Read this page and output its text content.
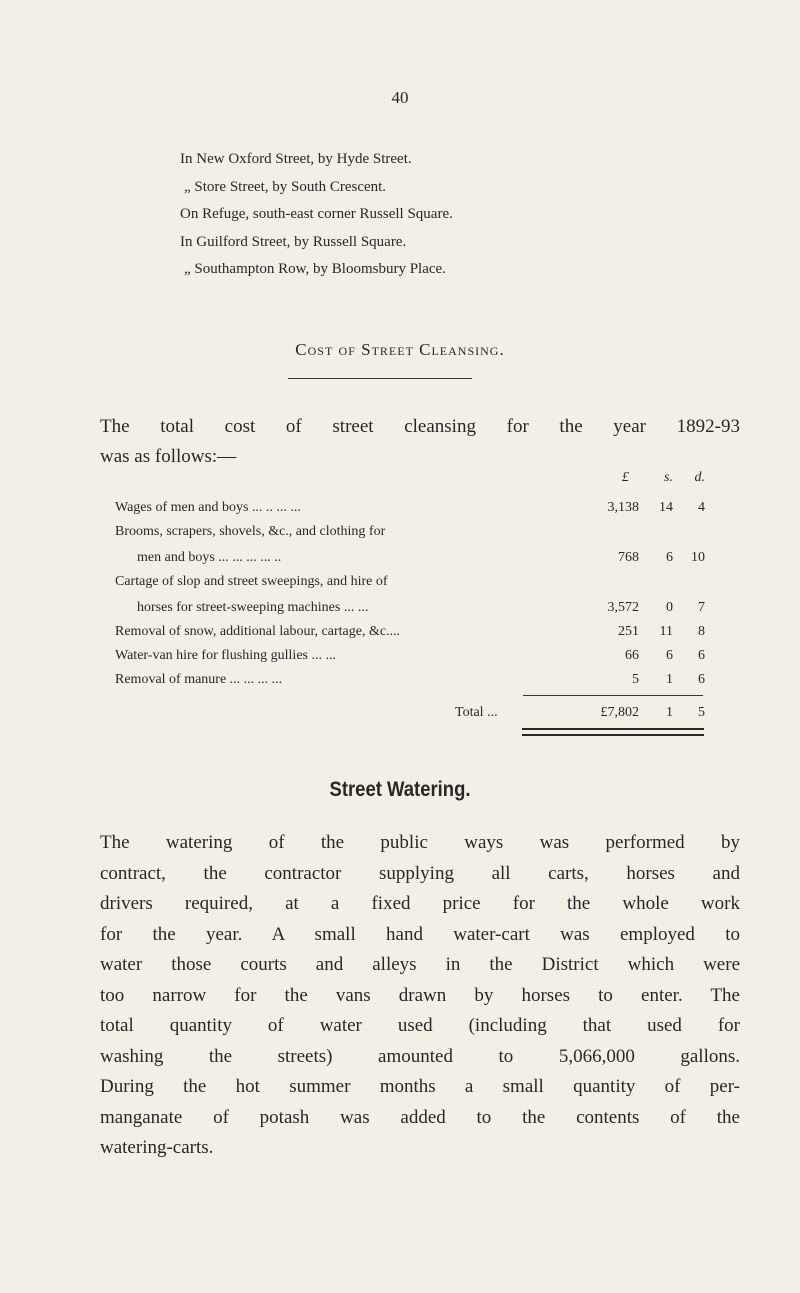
40
In New Oxford Street, by Hyde Street.
„ Store Street, by South Crescent.
On Refuge, south-east corner Russell Square.
In Guilford Street, by Russell Square.
„ Southampton Row, by Bloomsbury Place.
Cost of Street Cleansing.
The total cost of street cleansing for the year 1892-93
was as follows:—
£	s. d.
Wages of men and boys ... .. ... ...	3,138 14 4
Brooms, scrapers, shovels, &c., and clothing for
men and boys ... ... ... ... ..	768 6 10
Cartage of slop and street sweepings, and hire of
horses for street-sweeping machines ... ...	3,572 0 7
Removal of snow, additional labour, cartage, &c....	251 11 8
Water-van hire for flushing gullies ... ...	66 6 6
Removal of manure ... ... ... ...	5 1 6
Total ...	£7,802 1 5
Street Watering.
The watering of the public ways was performed by
contract, the contractor supplying all carts, horses and
drivers required, at a fixed price for the whole work
for the year. A small hand water-cart was employed to
water those courts and alleys in the District which were
too narrow for the vans drawn by horses to enter. The
total quantity of water used (including that used for
washing the streets) amounted to 5,066,000 gallons.
During the hot summer months a small quantity of per-
manganate of potash was added to the contents of the
watering-carts.
